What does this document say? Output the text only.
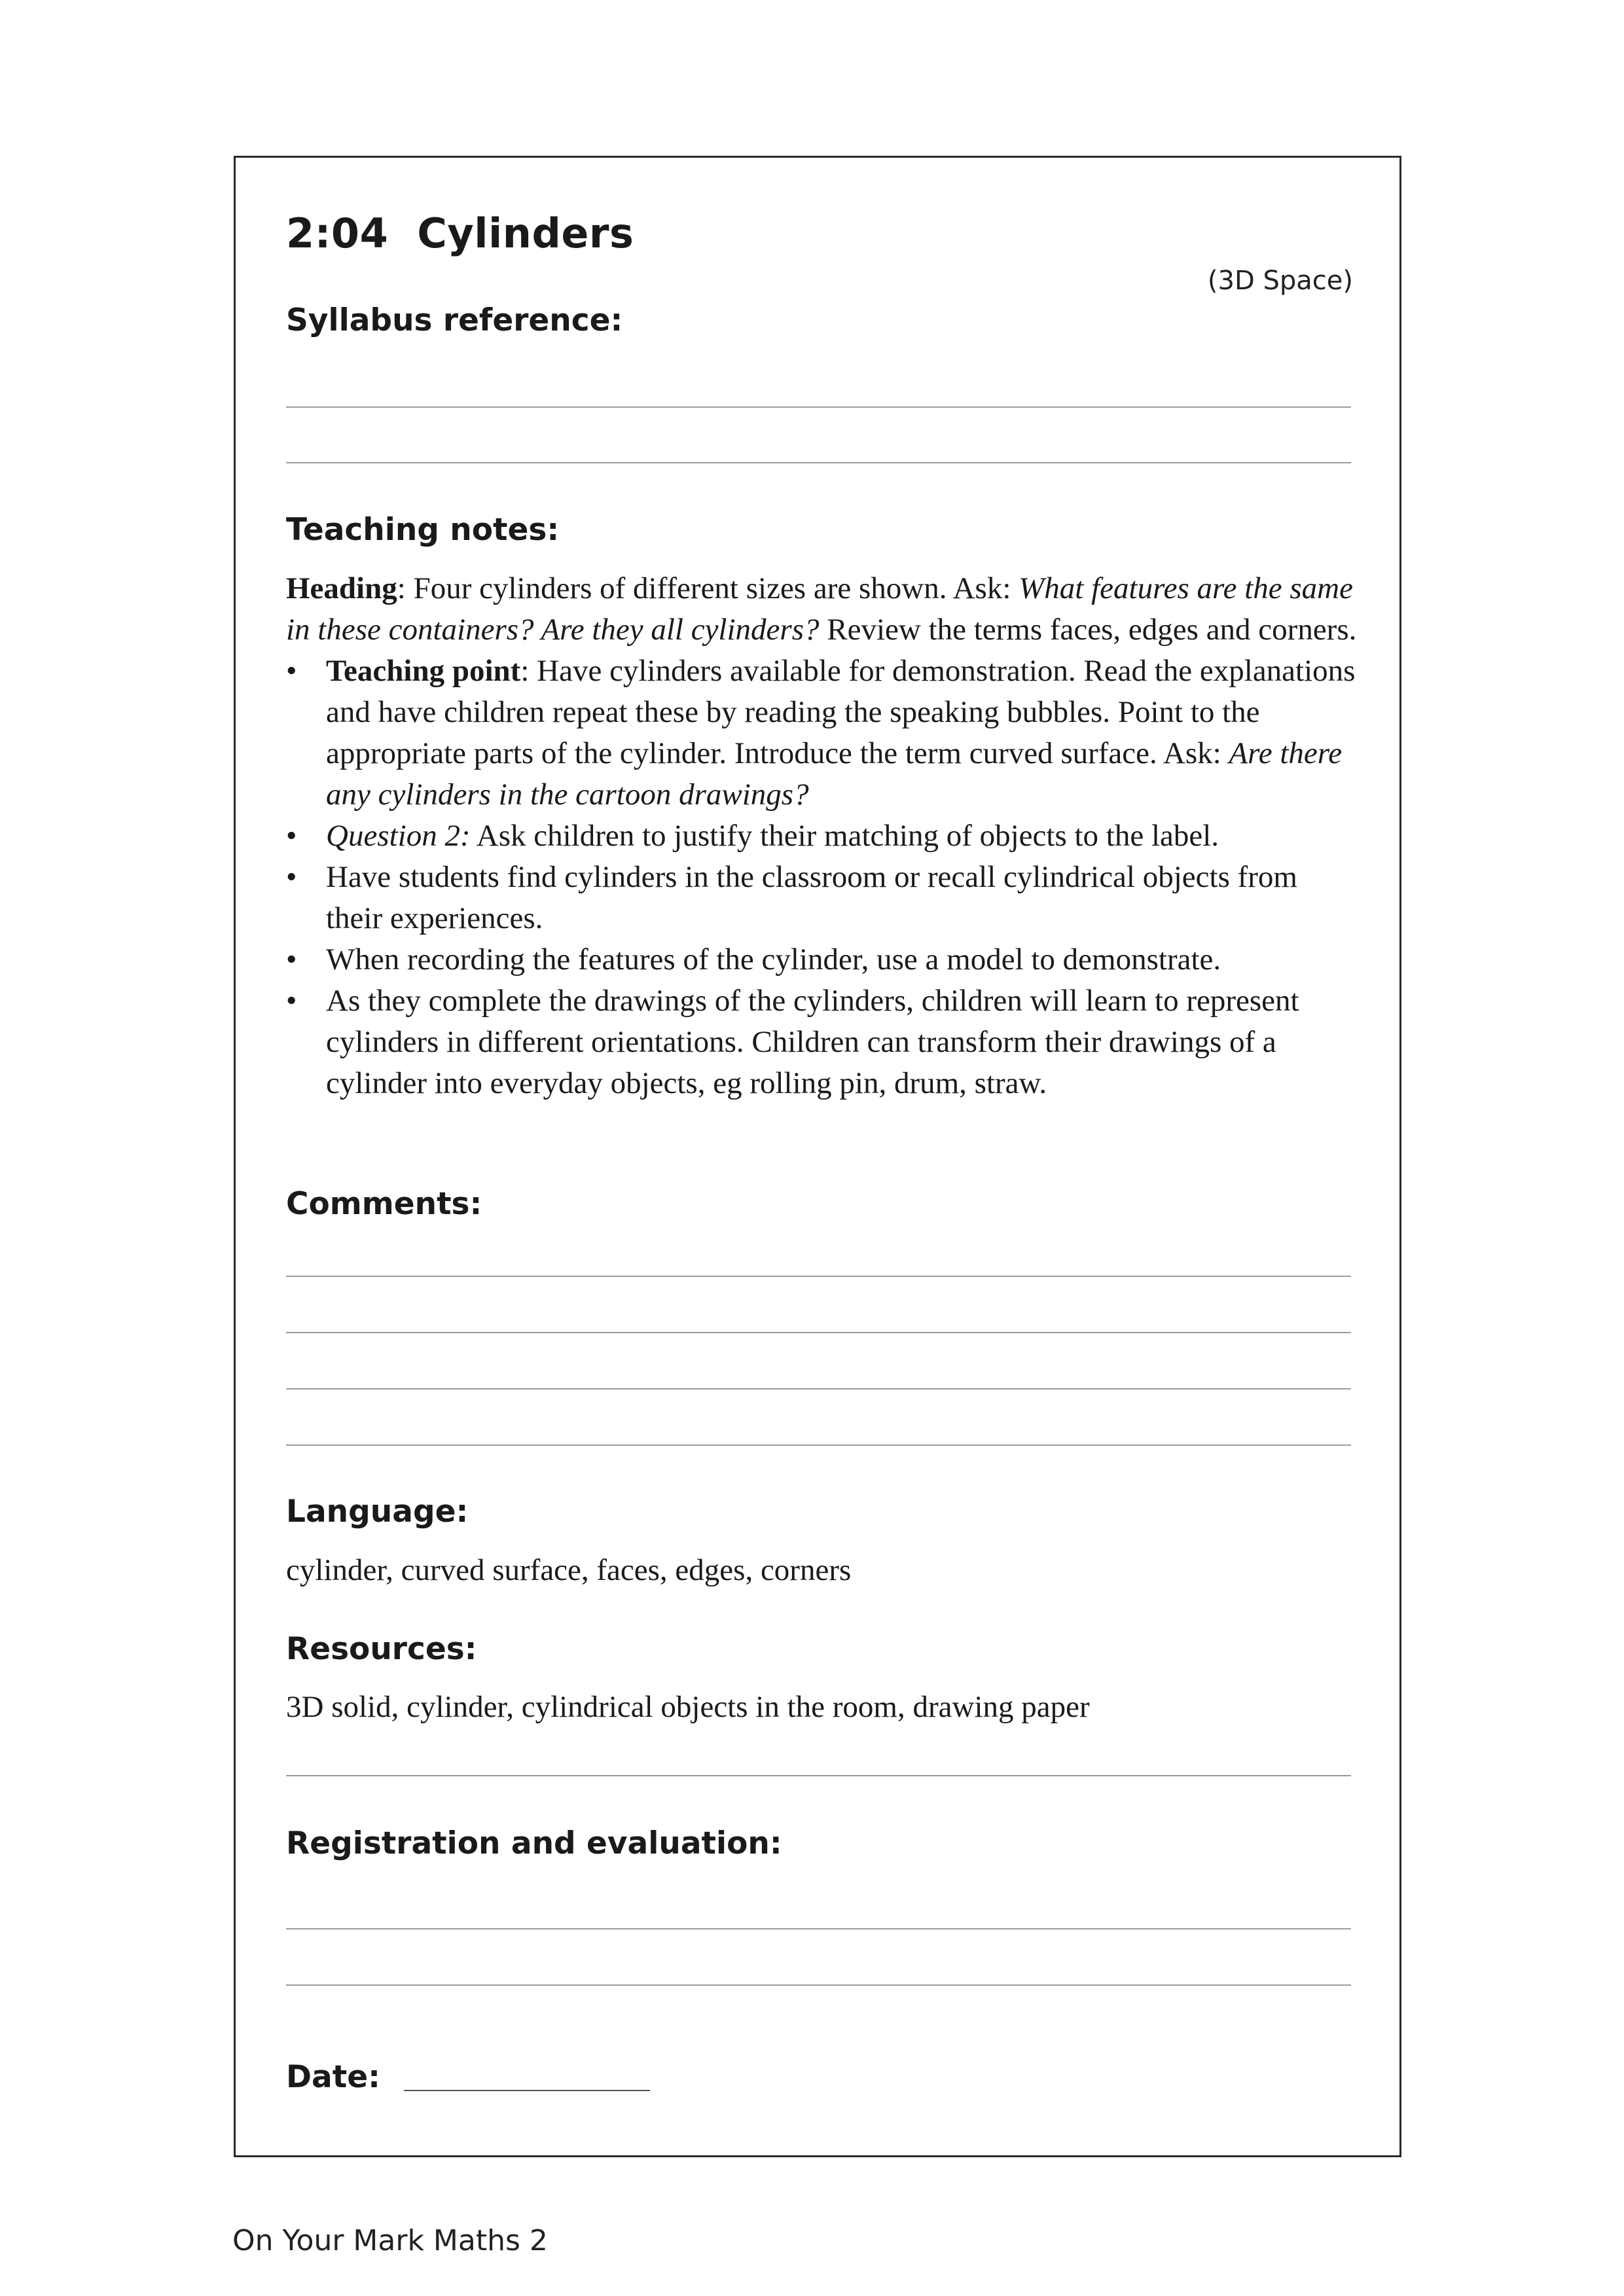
2:04  Cylinders
(3D Space)
Syllabus reference:
Teaching notes:

Heading: Four cylinders of different sizes are shown. Ask: What features are the same in these containers? Are they all cylinders? Review the terms faces, edges and corners.

• Teaching point: Have cylinders available for demonstration. Read the explanations and have children repeat these by reading the speaking bubbles. Point to the appropriate parts of the cylinder. Introduce the term curved surface. Ask: Are there any cylinders in the cartoon drawings?
• Question 2: Ask children to justify their matching of objects to the label.
• Have students find cylinders in the classroom or recall cylindrical objects from their experiences.
• When recording the features of the cylinder, use a model to demonstrate.
• As they complete the drawings of the cylinders, children will learn to represent cylinders in different orientations. Children can transform their drawings of a cylinder into everyday objects, eg rolling pin, drum, straw.
Comments:
Language:
cylinder, curved surface, faces, edges, corners
Resources:
3D solid, cylinder, cylindrical objects in the room, drawing paper
Registration and evaluation:
Date:
On Your Mark Maths 2
